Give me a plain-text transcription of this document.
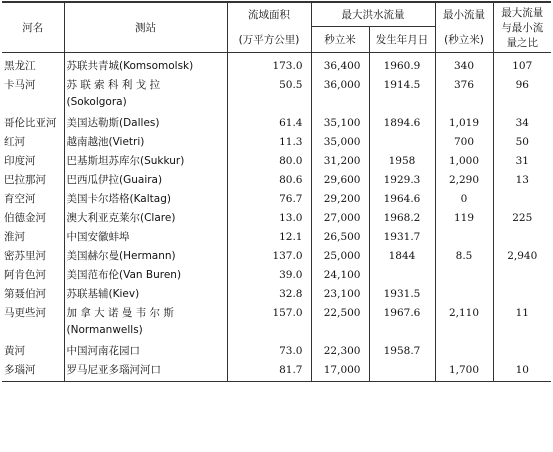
河名	测站	流域面积	最大洪水流量		最小流量	最大流量
与最小流
量之比

		(万平方公里)	秒立米	发生年月日	(秒立米)	
黑龙江	苏联共青城(Komsomolsk)	173.0	36,400	1960.9	340	107
卡马河	苏 联 索 科 利 戈 拉
(Sokolgora)	50.5	36,000	1914.5	376	96
哥伦比亚河	美国达勒斯(Dalles)	61.4	35,100	1894.6	1,019	34
红河	越南越池(Vietri)	11.3	35,000		700	50
印度河	巴基斯坦苏库尔(Sukkur)	80.0	31,200	1958	1,000	31
巴拉那河	巴西瓜伊拉(Guaira)	80.6	29,600	1929.3	2,290	13
育空河	美国卡尔塔格(Kaltag)	76.7	29,200	1964.6	0	
伯德金河	澳大利亚克莱尔(Clare)	13.0	27,000	1968.2	119	225
淮河	中国安徽蚌埠	12.1	26,500	1931.7		
密苏里河	美国赫尔曼(Hermann)	137.0	25,000	1844	8.5	2,940
阿肯色河	美国范布伦(Van Buren)	39.0	24,100			
第聂伯河	苏联基辅(Kiev)	32.8	23,100	1931.5		
马更些河	加 拿 大 诺 曼 韦 尔 斯
(Normanwells)	157.0	22,500	1967.6	2,110	11
黄河	中国河南花园口	73.0	22,300	1958.7		
多瑙河	罗马尼亚多瑙河河口	81.7	17,000		1,700	10
